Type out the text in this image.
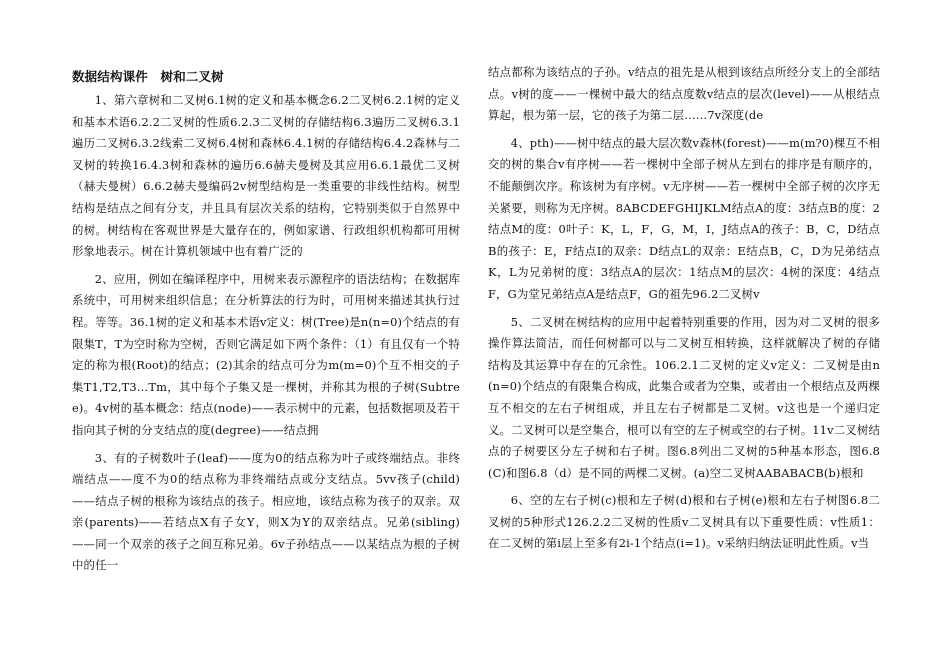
数据结构课件　树和二叉树

1、第六章树和二叉树6.1树的定义和基本概念6.2二叉树6.2.1树的定义和基本术语6.2.2二叉树的性质6.2.3二叉树的存储结构6.3遍历二叉树6.3.1遍历二叉树6.3.2线索二叉树6.4树和森林6.4.1树的存储结构6.4.2森林与二叉树的转换16.4.3树和森林的遍历6.6赫夫曼树及其应用6.6.1最优二叉树（赫夫曼树）6.6.2赫夫曼编码2v树型结构是一类重要的非线性结构。树型结构是结点之间有分支，并且具有层次关系的结构，它特别类似于自然界中的树。树结构在客观世界是大量存在的，例如家谱、行政组织机构都可用树形象地表示。树在计算机领域中也有着广泛的

2、应用，例如在编译程序中，用树来表示源程序的语法结构；在数据库系统中，可用树来组织信息；在分析算法的行为时，可用树来描述其执行过程。等等。36.1树的定义和基本术语v定义：树(Tree)是n(n=0)个结点的有限集T，T为空时称为空树，否则它满足如下两个条件：（1）有且仅有一个特定的称为根(Root)的结点；(2)其余的结点可分为m(m=0)个互不相交的子集T1,T2,T3…Tm，其中每个子集又是一棵树，并称其为根的子树(Subtree)。4v树的基本概念：结点(node)——表示树中的元素，包括数据项及若干指向其子树的分支结点的度(degree)——结点拥

3、有的子树数叶子(leaf)——度为0的结点称为叶子或终端结点。非终端结点——度不为0的结点称为非终端结点或分支结点。5vv孩子(child)——结点子树的根称为该结点的孩子。相应地，该结点称为孩子的双亲。双亲(parents)——若结点X有子女Y，则X为Y的双亲结点。兄弟(sibling)——同一个双亲的孩子之间互称兄弟。6v子孙结点——以某结点为根的子树中的任一

结点都称为该结点的子孙。v结点的祖先是从根到该结点所经分支上的全部结点。v树的度——一棵树中最大的结点度数v结点的层次(level)——从根结点算起，根为第一层，它的孩子为第二层……7v深度(de

4、pth)——树中结点的最大层次数v森林(forest)——m(m?0)棵互不相交的树的集合v有序树——若一棵树中全部子树从左到右的排序是有顺序的，不能颠倒次序。称该树为有序树。v无序树——若一棵树中全部子树的次序无关紧要，则称为无序树。8ABCDEFGHIJKLM结点A的度：3结点B的度：2结点M的度：0叶子：K，L，F，G，M，I，J结点A的孩子：B，C，D结点B的孩子：E，F结点I的双亲：D结点L的双亲：E结点B，C，D为兄弟结点K，L为兄弟树的度：3结点A的层次：1结点M的层次：4树的深度：4结点F，G为堂兄弟结点A是结点F，G的祖先96.2二叉树v

5、二叉树在树结构的应用中起着特别重要的作用，因为对二叉树的很多操作算法简洁，而任何树都可以与二叉树互相转换，这样就解决了树的存储结构及其运算中存在的冗余性。106.2.1二叉树的定义v定义：二叉树是由n(n=0)个结点的有限集合构成，此集合或者为空集，或者由一个根结点及两棵互不相交的左右子树组成，并且左右子树都是二叉树。v这也是一个递归定义。二叉树可以是空集合，根可以有空的左子树或空的右子树。11v二叉树结点的子树要区分左子树和右子树。图6.8列出二叉树的5种基本形态，图6.8(C)和图6.8（d）是不同的两棵二叉树。(a)空二叉树AABABACB(b)根和

6、空的左右子树(c)根和左子树(d)根和右子树(e)根和左右子树图6.8二叉树的5种形式126.2.2二叉树的性质v二叉树具有以下重要性质：v性质1：在二叉树的第i层上至多有2i-1个结点(i=1)。v采纳归纳法证明此性质。v当
